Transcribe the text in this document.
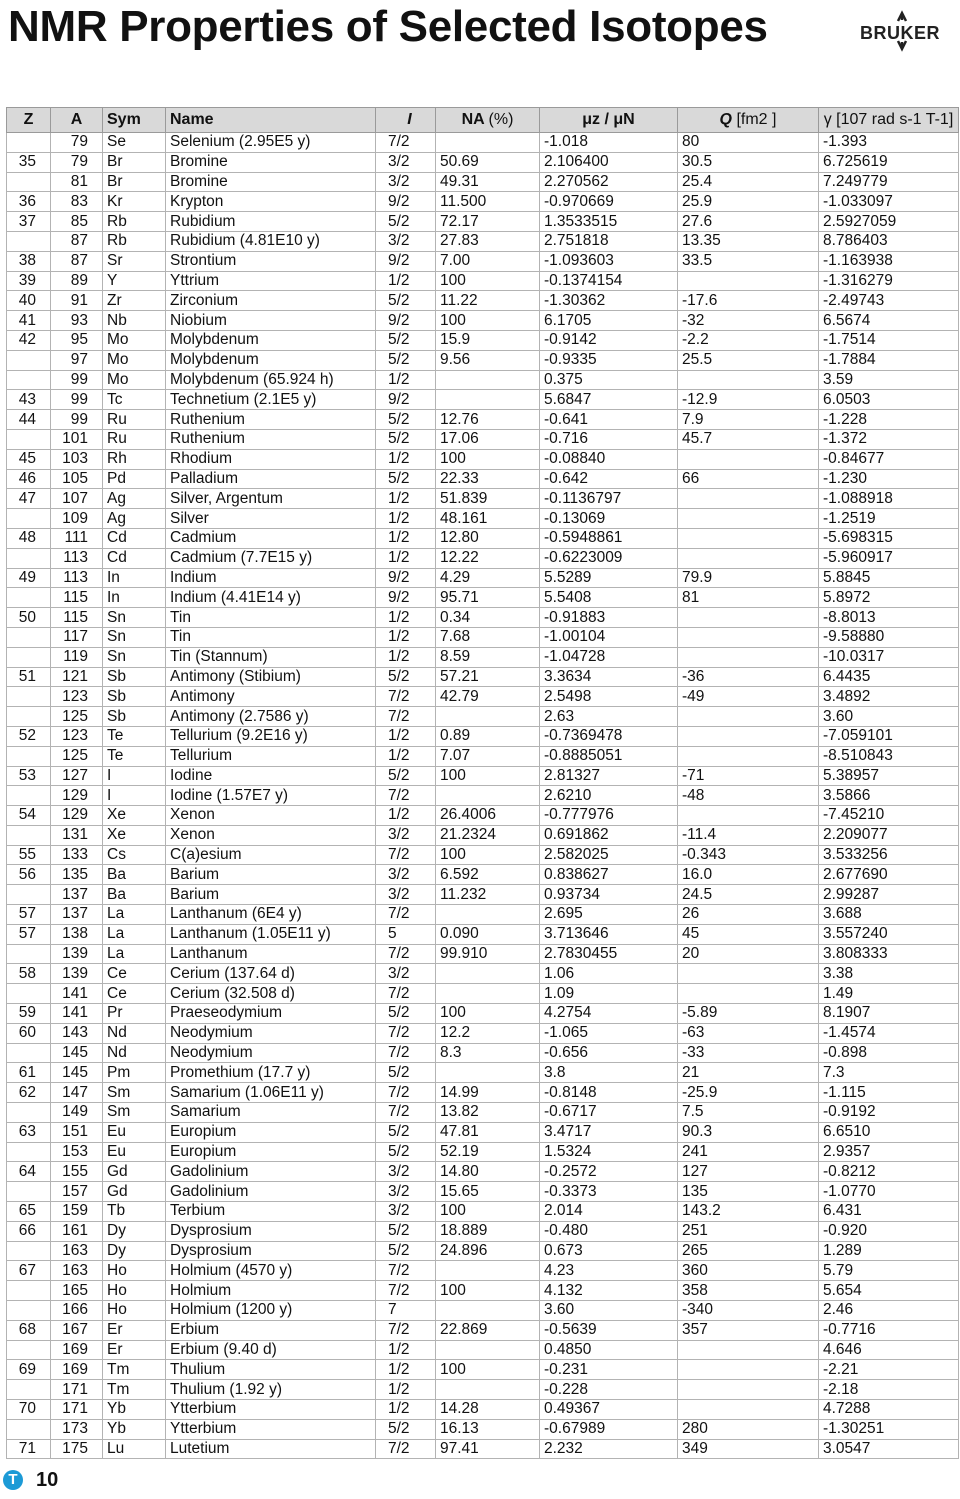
NMR Properties of Selected Isotopes	BRUKER
Z	A	Sym	Name	I	NA (%)	μz / μN	Q [fm2 ]	γ [107 rad s-1 T-1]
	79	Se	Selenium (2.95E5 y)	7/2		-1.018	80	-1.393
35	79	Br	Bromine	3/2	50.69	2.106400	30.5	6.725619
	81	Br	Bromine	3/2	49.31	2.270562	25.4	7.249779
36	83	Kr	Krypton	9/2	11.500	-0.970669	25.9	-1.033097
37	85	Rb	Rubidium	5/2	72.17	1.3533515	27.6	2.5927059
	87	Rb	Rubidium (4.81E10 y)	3/2	27.83	2.751818	13.35	8.786403
38	87	Sr	Strontium	9/2	7.00	-1.093603	33.5	-1.163938
39	89	Y	Yttrium	1/2	100	-0.1374154		-1.316279
40	91	Zr	Zirconium	5/2	11.22	-1.30362	-17.6	-2.49743
41	93	Nb	Niobium	9/2	100	6.1705	-32	6.5674
42	95	Mo	Molybdenum	5/2	15.9	-0.9142	-2.2	-1.7514
	97	Mo	Molybdenum	5/2	9.56	-0.9335	25.5	-1.7884
	99	Mo	Molybdenum (65.924 h)	1/2		0.375		3.59
43	99	Tc	Technetium (2.1E5 y)	9/2		5.6847	-12.9	6.0503
44	99	Ru	Ruthenium	5/2	12.76	-0.641	7.9	-1.228
	101	Ru	Ruthenium	5/2	17.06	-0.716	45.7	-1.372
45	103	Rh	Rhodium	1/2	100	-0.08840		-0.84677
46	105	Pd	Palladium	5/2	22.33	-0.642	66	-1.230
47	107	Ag	Silver, Argentum	1/2	51.839	-0.1136797		-1.088918
	109	Ag	Silver	1/2	48.161	-0.13069		-1.2519
48	111	Cd	Cadmium	1/2	12.80	-0.5948861		-5.698315
	113	Cd	Cadmium (7.7E15 y)	1/2	12.22	-0.6223009		-5.960917
49	113	In	Indium	9/2	4.29	5.5289	79.9	5.8845
	115	In	Indium (4.41E14 y)	9/2	95.71	5.5408	81	5.8972
50	115	Sn	Tin	1/2	0.34	-0.91883		-8.8013
	117	Sn	Tin	1/2	7.68	-1.00104		-9.58880
	119	Sn	Tin (Stannum)	1/2	8.59	-1.04728		-10.0317
51	121	Sb	Antimony (Stibium)	5/2	57.21	3.3634	-36	6.4435
	123	Sb	Antimony	7/2	42.79	2.5498	-49	3.4892
	125	Sb	Antimony (2.7586 y)	7/2		2.63		3.60
52	123	Te	Tellurium (9.2E16 y)	1/2	0.89	-0.7369478		-7.059101
	125	Te	Tellurium	1/2	7.07	-0.8885051		-8.510843
53	127	I	Iodine	5/2	100	2.81327	-71	5.38957
	129	I	Iodine (1.57E7 y)	7/2		2.6210	-48	3.5866
54	129	Xe	Xenon	1/2	26.4006	-0.777976		-7.45210
	131	Xe	Xenon	3/2	21.2324	0.691862	-11.4	2.209077
55	133	Cs	C(a)esium	7/2	100	2.582025	-0.343	3.533256
56	135	Ba	Barium	3/2	6.592	0.838627	16.0	2.677690
	137	Ba	Barium	3/2	11.232	0.93734	24.5	2.99287
57	137	La	Lanthanum (6E4 y)	7/2		2.695	26	3.688
57	138	La	Lanthanum (1.05E11 y)	5	0.090	3.713646	45	3.557240
	139	La	Lanthanum	7/2	99.910	2.7830455	20	3.808333
58	139	Ce	Cerium (137.64 d)	3/2		1.06		3.38
	141	Ce	Cerium (32.508 d)	7/2		1.09		1.49
59	141	Pr	Praeseodymium	5/2	100	4.2754	-5.89	8.1907
60	143	Nd	Neodymium	7/2	12.2	-1.065	-63	-1.4574
	145	Nd	Neodymium	7/2	8.3	-0.656	-33	-0.898
61	145	Pm	Promethium (17.7 y)	5/2		3.8	21	7.3
62	147	Sm	Samarium (1.06E11 y)	7/2	14.99	-0.8148	-25.9	-1.115
	149	Sm	Samarium	7/2	13.82	-0.6717	7.5	-0.9192
63	151	Eu	Europium	5/2	47.81	3.4717	90.3	6.6510
	153	Eu	Europium	5/2	52.19	1.5324	241	2.9357
64	155	Gd	Gadolinium	3/2	14.80	-0.2572	127	-0.8212
	157	Gd	Gadolinium	3/2	15.65	-0.3373	135	-1.0770
65	159	Tb	Terbium	3/2	100	2.014	143.2	6.431
66	161	Dy	Dysprosium	5/2	18.889	-0.480	251	-0.920
	163	Dy	Dysprosium	5/2	24.896	0.673	265	1.289
67	163	Ho	Holmium (4570 y)	7/2		4.23	360	5.79
	165	Ho	Holmium	7/2	100	4.132	358	5.654
	166	Ho	Holmium (1200 y)	7		3.60	-340	2.46
68	167	Er	Erbium	7/2	22.869	-0.5639	357	-0.7716
	169	Er	Erbium (9.40 d)	1/2		0.4850		4.646
69	169	Tm	Thulium	1/2	100	-0.231		-2.21
	171	Tm	Thulium (1.92 y)	1/2		-0.228		-2.18
70	171	Yb	Ytterbium	1/2	14.28	0.49367		4.7288
	173	Yb	Ytterbium	5/2	16.13	-0.67989	280	-1.30251
71	175	Lu	Lutetium	7/2	97.41	2.232	349	3.0547
T 10
